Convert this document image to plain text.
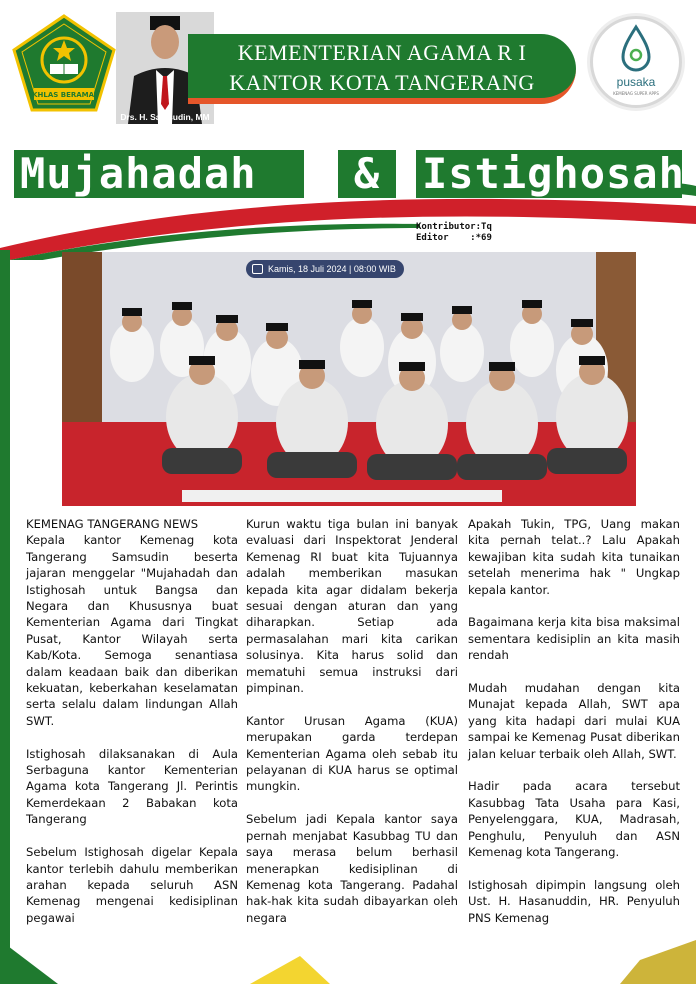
IKHLAS BERAMAL
Drs. H. Samsudin, MM
KEMENTERIAN AGAMA R I
KANTOR KOTA TANGERANG	pusaka
KEMENAG SUPER APPS
Mujahadah	& Istighosah
Kontributor:Tq
Editor    :*69
Kamis, 18 Juli 2024 | 08:00 WIB

KEMENAG TANGERANG NEWS

Kepala kantor Kemenag kota Tangerang Samsudin beserta jajaran menggelar "Mujahadah dan Istighosah untuk Bangsa dan Negara dan Khususnya buat Kementerian Agama dari Tingkat Pusat, Kantor Wilayah serta Kab/Kota. Semoga senantiasa dalam keadaan baik dan diberikan kekuatan, keberkahan keselamatan serta selalu dalam lindungan Allah SWT.

Istighosah dilaksanakan di Aula Serbaguna kantor Kementerian Agama kota Tangerang Jl. Perintis Kemerdekaan 2 Babakan kota Tangerang

Sebelum Istighosah digelar Kepala kantor terlebih dahulu memberikan arahan kepada seluruh ASN Kemenag mengenai kedisiplinan pegawai

Kurun waktu tiga bulan ini banyak evaluasi dari Inspektorat Jenderal Kemenag RI buat kita Tujuannya adalah memberikan masukan kepada kita agar didalam bekerja sesuai dengan aturan dan yang diharapkan. Setiap ada permasalahan mari kita carikan solusinya. Kita harus solid dan mematuhi semua instruksi dari pimpinan.

Kantor Urusan Agama (KUA) merupakan garda terdepan Kementerian Agama oleh sebab itu pelayanan di KUA harus se optimal mungkin.

Sebelum jadi Kepala kantor saya pernah menjabat Kasubbag TU dan saya merasa belum berhasil menerapkan kedisiplinan di Kemenag kota Tangerang. Padahal hak-hak kita sudah dibayarkan oleh negara

Apakah Tukin, TPG, Uang makan kita pernah telat..? Lalu Apakah kewajiban kita sudah kita tunaikan setelah menerima hak " Ungkap kepala kantor.

Bagaimana kerja kita bisa maksimal sementara kedisiplin an kita masih rendah

Mudah mudahan dengan kita Munajat kepada Allah, SWT apa yang kita hadapi dari mulai KUA sampai ke Kemenag Pusat diberikan jalan keluar terbaik oleh Allah, SWT.

Hadir pada acara tersebut Kasubbag Tata Usaha para Kasi, Penyelenggara, KUA, Madrasah, Penghulu, Penyuluh dan ASN Kemenag kota Tangerang.

Istighosah dipimpin langsung oleh Ust. H. Hasanuddin, HR. Penyuluh PNS Kemenag
